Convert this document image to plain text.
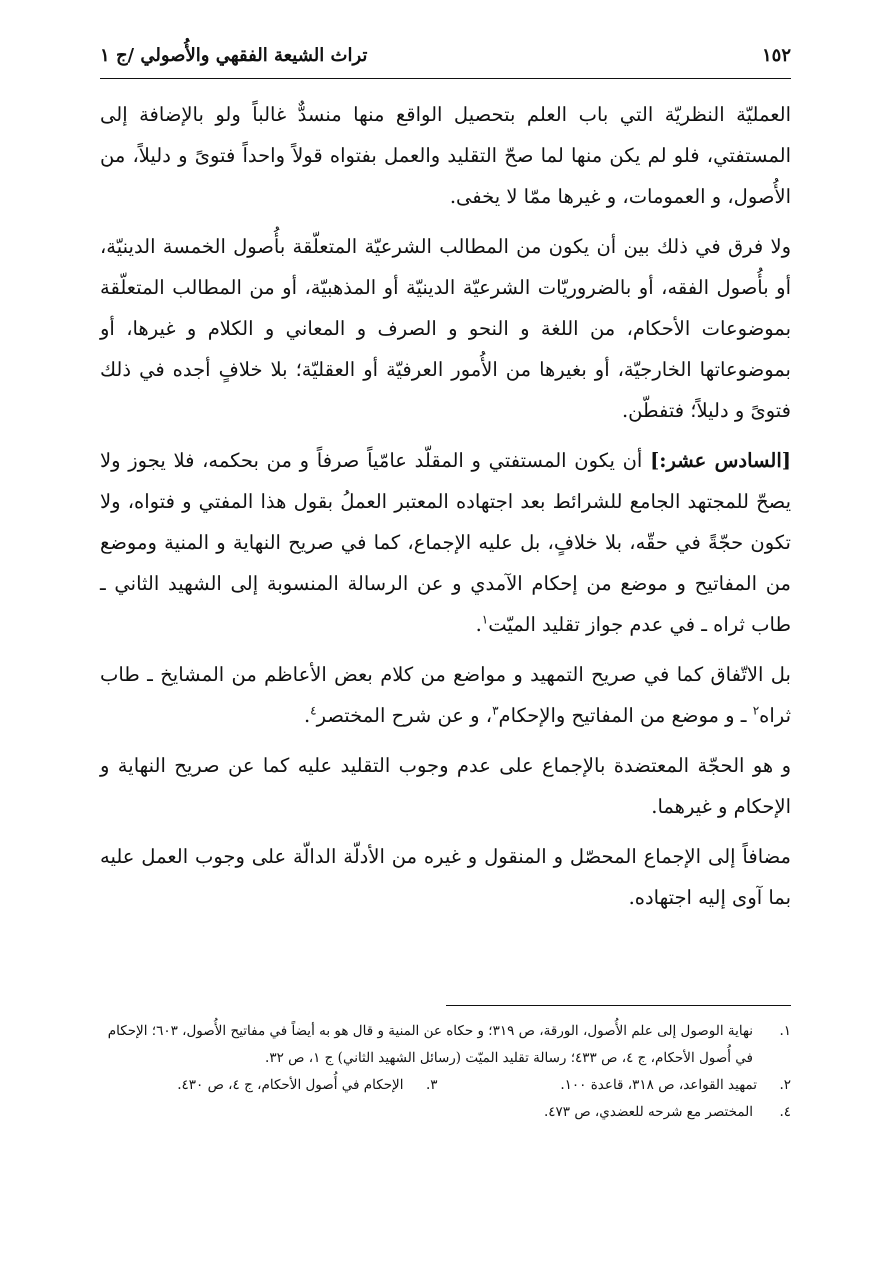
١٥٢
تراث الشيعة الفقهي والأُصولي /ج ١

العمليّة النظريّة التي باب العلم بتحصيل الواقع منها منسدٌّ غالباً ولو بالإضافة إلى المستفتي، فلو لم يكن منها لما صحّ التقليد والعمل بفتواه قولاً واحداً فتوىً و دليلاً، من الأُصول، و العمومات، و غيرها ممّا لا يخفى.

ولا فرق في ذلك بين أن يكون من المطالب الشرعيّة المتعلّقة بأُصول الخمسة الدينيّة، أو بأُصول الفقه، أو بالضروريّات الشرعيّة الدينيّة أو المذهبيّة، أو من المطالب المتعلّقة بموضوعات الأحكام، من اللغة و النحو و الصرف و المعاني و الكلام و غيرها، أو بموضوعاتها الخارجيّة، أو بغيرها من الأُمور العرفيّة أو العقليّة؛ بلا خلافٍ أجده في ذلك فتوىً و دليلاً؛ فتفطّن.

[السادس عشر:] أن يكون المستفتي و المقلّد عامّياً صرفاً و من بحكمه، فلا يجوز ولا يصحّ للمجتهد الجامع للشرائط بعد اجتهاده المعتبر العملُ بقول هذا المفتي و فتواه، ولا تكون حجّةً في حقّه، بلا خلافٍ، بل عليه الإجماع، كما في صريح النهاية و المنية وموضع من المفاتيح و موضع من إحكام الآمدي و عن الرسالة المنسوبة إلى الشهيد الثاني ـ طاب ثراه ـ في عدم جواز تقليد الميّت$^١$.

بل الاتّفاق كما في صريح التمهيد و مواضع من كلام بعض الأعاظم من المشايخ ـ طاب ثراه$^٢$ ـ و موضع من المفاتيح والإحكام$^٣$، و عن شرح المختصر$^٤$.

و هو الحجّة المعتضدة بالإجماع على عدم وجوب التقليد عليه كما عن صريح النهاية و الإحكام و غيرهما.

مضافاً إلى الإجماع المحصّل و المنقول و غيره من الأدلّة الدالّة على وجوب العمل عليه بما آوى إليه اجتهاده.

١.
نهاية الوصول إلى علم الأُصول، الورقة، ص ٣١٩؛ و حكاه عن المنية و قال هو به أيضاً في مفاتيح الأُصول، ٦٠٣؛ الإحكام في أُصول الأحكام، ج ٤، ص ٤٣٣؛ رسالة تقليد الميّت (رسائل الشهيد الثاني) ج ١، ص ٣٢.
٢.
تمهيد القواعد، ص ٣١٨، قاعدة ١٠٠.
٣.
الإحكام في أُصول الأحكام، ج ٤، ص ٤٣٠.
٤.
المختصر مع شرحه للعضدي، ص ٤٧٣.
